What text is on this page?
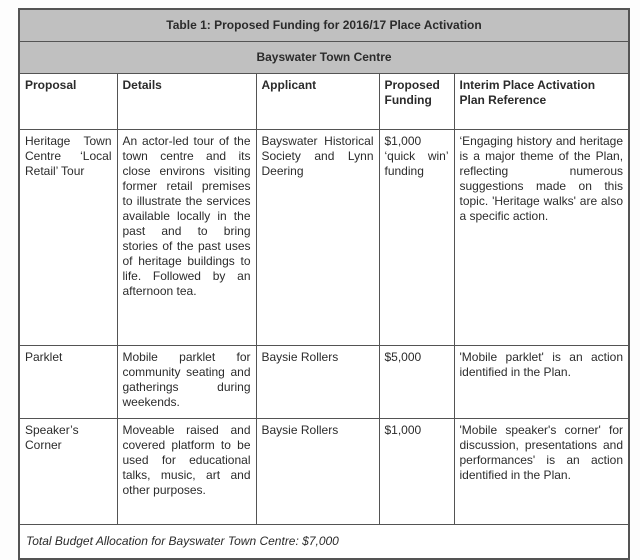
Table 1: Proposed Funding for 2016/17 Place Activation				
Bayswater Town Centre				
Proposal	Details	Applicant	Proposed Funding	Interim Place Activation Plan Reference
Heritage Town Centre ‘Local Retail’ Tour	An actor-led tour of the town centre and its close environs visiting former retail premises to illustrate the services available locally in the past and to bring stories of the past uses of heritage buildings to life. Followed by an afternoon tea.	Bayswater Historical Society and Lynn Deering	$1,000 ‘quick win’ funding	‘Engaging history and heritage is a major theme of the Plan, reflecting numerous suggestions made on this topic. 'Heritage walks' are also a specific action.
Parklet	Mobile parklet for community seating and gatherings during weekends.	Baysie Rollers	$5,000	'Mobile parklet' is an action identified in the Plan.
Speaker’s Corner	Moveable raised and covered platform to be used for educational talks, music, art and other purposes.	Baysie Rollers	$1,000	'Mobile speaker's corner' for discussion, presentations and performances' is an action identified in the Plan.
Total Budget Allocation for Bayswater Town Centre: $7,000				
